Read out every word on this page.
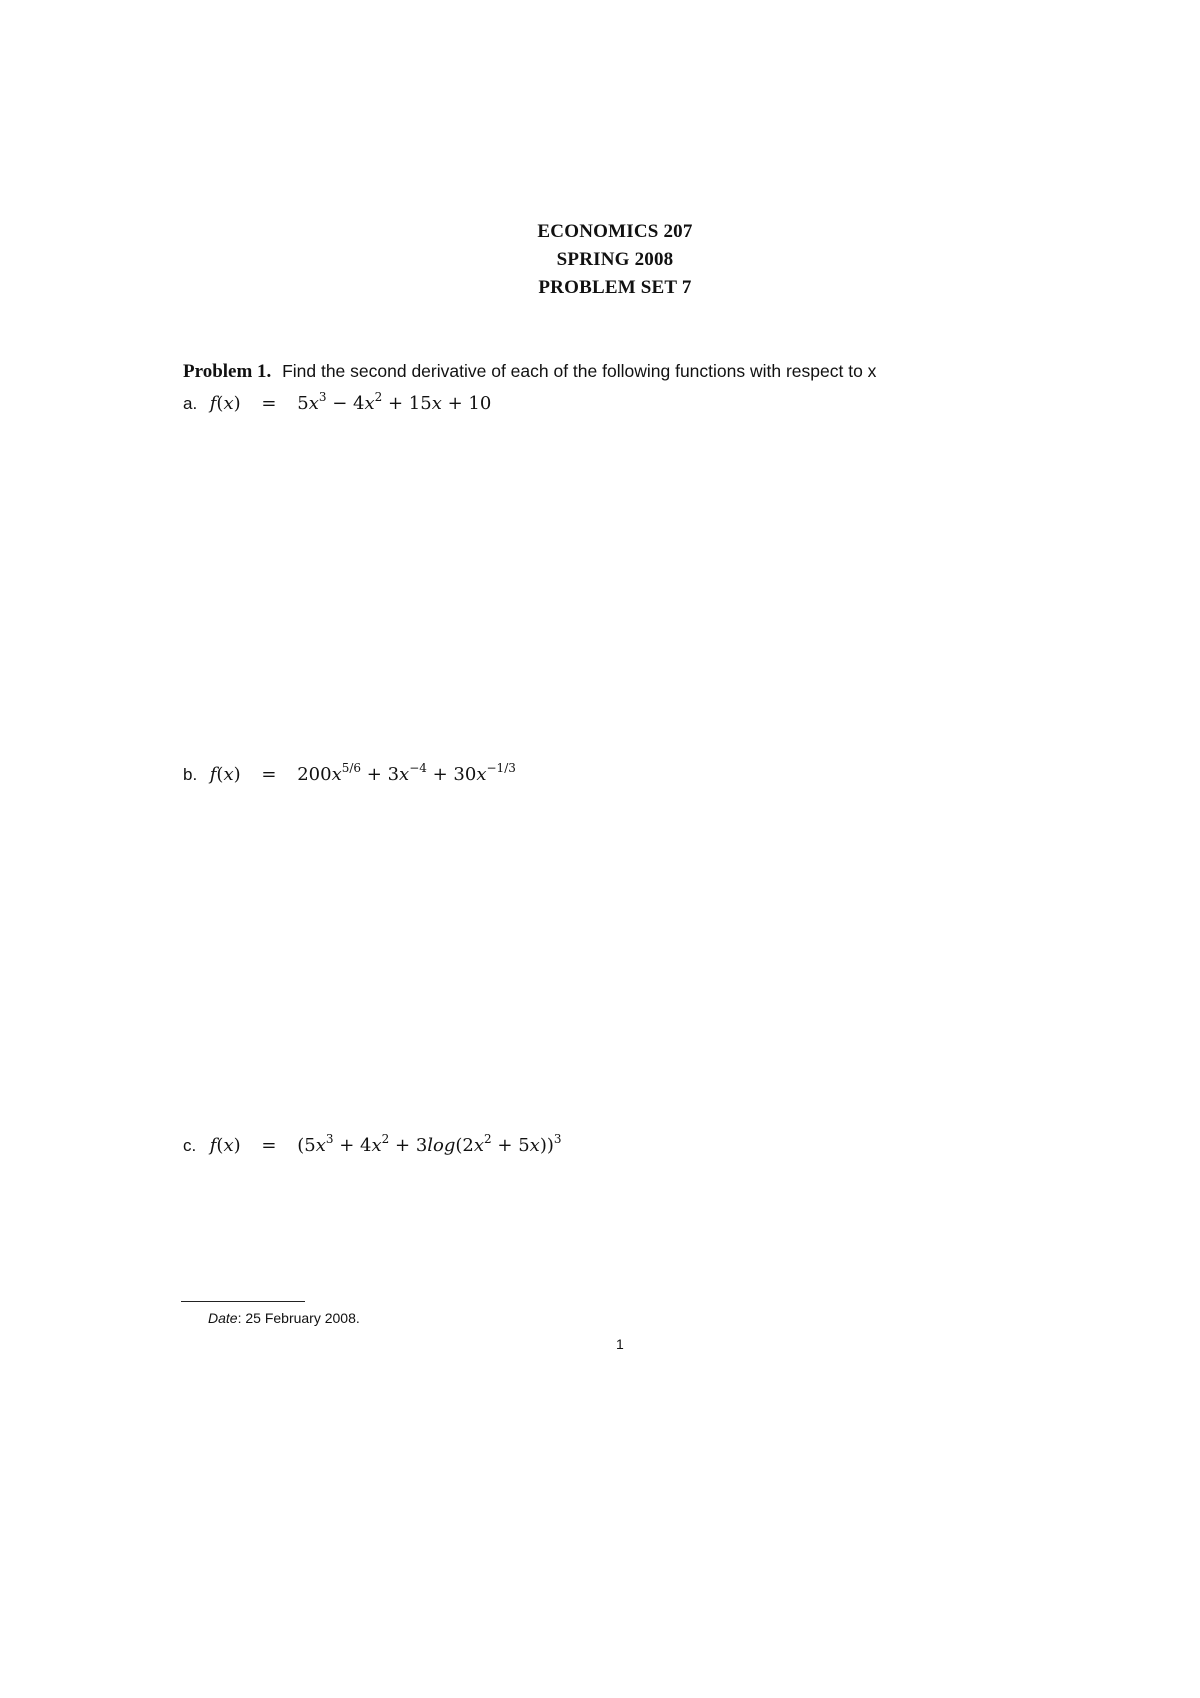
ECONOMICS 207
SPRING 2008
PROBLEM SET 7
Problem 1. Find the second derivative of each of the following functions with respect to x
a. $f(x) = 5x^3 - 4x^2 + 15x + 10$
b. $f(x) = 200x^{5/6} + 3x^{-4} + 30x^{-1/3}$
c. $f(x) = (5x^3 + 4x^2 + 3\log(2x^2 + 5x))^3$
Date: 25 February 2008.
1
